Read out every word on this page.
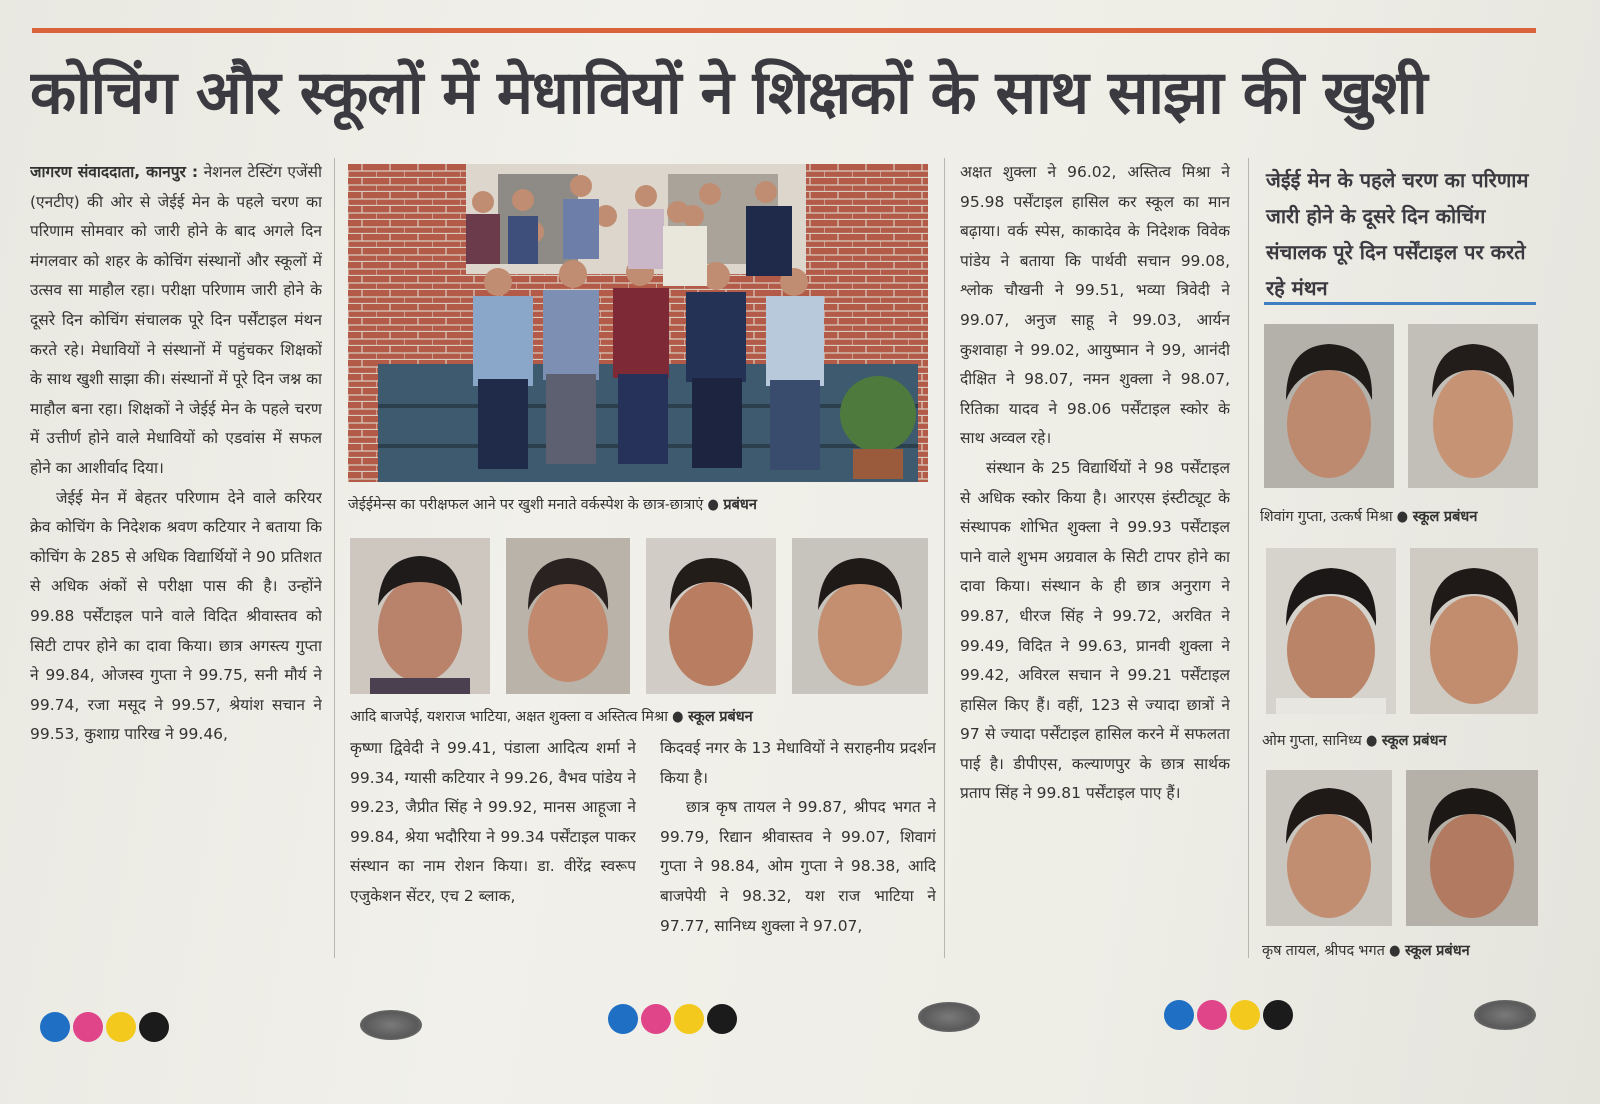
कोचिंग और स्कूलों में मेधावियों ने शिक्षकों के साथ साझा की खुशी

जागरण संवाददाता, कानपुर : नेशनल टेस्टिंग एजेंसी (एनटीए) की ओर से जेईई मेन के पहले चरण का परिणाम सोमवार को जारी होने के बाद अगले दिन मंगलवार को शहर के कोचिंग संस्थानों और स्कूलों में उत्सव सा माहौल रहा। परीक्षा परिणाम जारी होने के दूसरे दिन कोचिंग संचालक पूरे दिन पर्सेंटाइल मंथन करते रहे। मेधावियों ने संस्थानों में पहुंचकर शिक्षकों के साथ खुशी साझा की। संस्थानों में पूरे दिन जश्न का माहौल बना रहा। शिक्षकों ने जेईई मेन के पहले चरण में उत्तीर्ण होने वाले मेधावियों को एडवांस में सफल होने का आशीर्वाद दिया।

जेईई मेन में बेहतर परिणाम देने वाले करियर क्रेव कोचिंग के निदेशक श्रवण कटियार ने बताया कि कोचिंग के 285 से अधिक विद्यार्थियों ने 90 प्रतिशत से अधिक अंकों से परीक्षा पास की है। उन्होंने 99.88 पर्सेंटाइल पाने वाले विदित श्रीवास्तव को सिटी टापर होने का दावा किया। छात्र अगस्त्य गुप्ता ने 99.84, ओजस्व गुप्ता ने 99.75, सनी मौर्य ने 99.74, रजा मसूद ने 99.57, श्रेयांश सचान ने 99.53, कुशाग्र पारिख ने 99.46,

जेईईमेन्स का परीक्षफल आने पर खुशी मनाते वर्कस्पेश के छात्र-छात्राएं ● प्रबंधन
आदि बाजपेई, यशराज भाटिया, अक्षत शुक्ला व अस्तित्व मिश्रा ● स्कूल प्रबंधन

कृष्णा द्विवेदी ने 99.41, पंडाला आदित्य शर्मा ने 99.34, ग्यासी कटियार ने 99.26, वैभव पांडेय ने 99.23, जैप्रीत सिंह ने 99.92, मानस आहूजा ने 99.84, श्रेया भदौरिया ने 99.34 पर्सेंटाइल पाकर संस्थान का नाम रोशन किया। डा. वीरेंद्र स्वरूप एजुकेशन सेंटर, एच 2 ब्लाक,

किदवई नगर के 13 मेधावियों ने सराहनीय प्रदर्शन किया है।

छात्र कृष तायल ने 99.87, श्रीपद भगत ने 99.79, रिद्यान श्रीवास्तव ने 99.07, शिवागं गुप्ता ने 98.84, ओम गुप्ता ने 98.38, आदि बाजपेयी ने 98.32, यश राज भाटिया ने 97.77, सानिध्य शुक्ला ने 97.07,

अक्षत शुक्ला ने 96.02, अस्तित्व मिश्रा ने 95.98 पर्सेंटाइल हासिल कर स्कूल का मान बढ़ाया। वर्क स्पेस, काकादेव के निदेशक विवेक पांडेय ने बताया कि पार्थवी सचान 99.08, श्लोक चौखनी ने 99.51, भव्या त्रिवेदी ने 99.07, अनुज साहू ने 99.03, आर्यन कुशवाहा ने 99.02, आयुष्मान ने 99, आनंदी दीक्षित ने 98.07, नमन शुक्ला ने 98.07, रितिका यादव ने 98.06 पर्सेंटाइल स्कोर के साथ अव्वल रहे।

संस्थान के 25 विद्यार्थियों ने 98 पर्सेंटाइल से अधिक स्कोर किया है। आरएस इंस्टीट्यूट के संस्थापक शोभित शुक्ला ने 99.93 पर्सेंटाइल पाने वाले शुभम अग्रवाल के सिटी टापर होने का दावा किया। संस्थान के ही छात्र अनुराग ने 99.87, धीरज सिंह ने 99.72, अरवित ने 99.49, विदित ने 99.63, प्रानवी शुक्ला ने 99.42, अविरल सचान ने 99.21 पर्सेंटाइल हासिल किए हैं। वहीं, 123 से ज्यादा छात्रों ने 97 से ज्यादा पर्सेंटाइल हासिल करने में सफलता पाई है। डीपीएस, कल्याणपुर के छात्र सार्थक प्रताप सिंह ने 99.81 पर्सेंटाइल पाए हैं।

जेईई मेन के पहले चरण का परिणाम जारी होने के दूसरे दिन कोचिंग संचालक पूरे दिन पर्सेंटाइल पर करते रहे मंथन
शिवांग गुप्ता, उत्कर्ष मिश्रा ● स्कूल प्रबंधन
ओम गुप्ता, सानिध्य ● स्कूल प्रबंधन
कृष तायल, श्रीपद भगत ● स्कूल प्रबंधन
